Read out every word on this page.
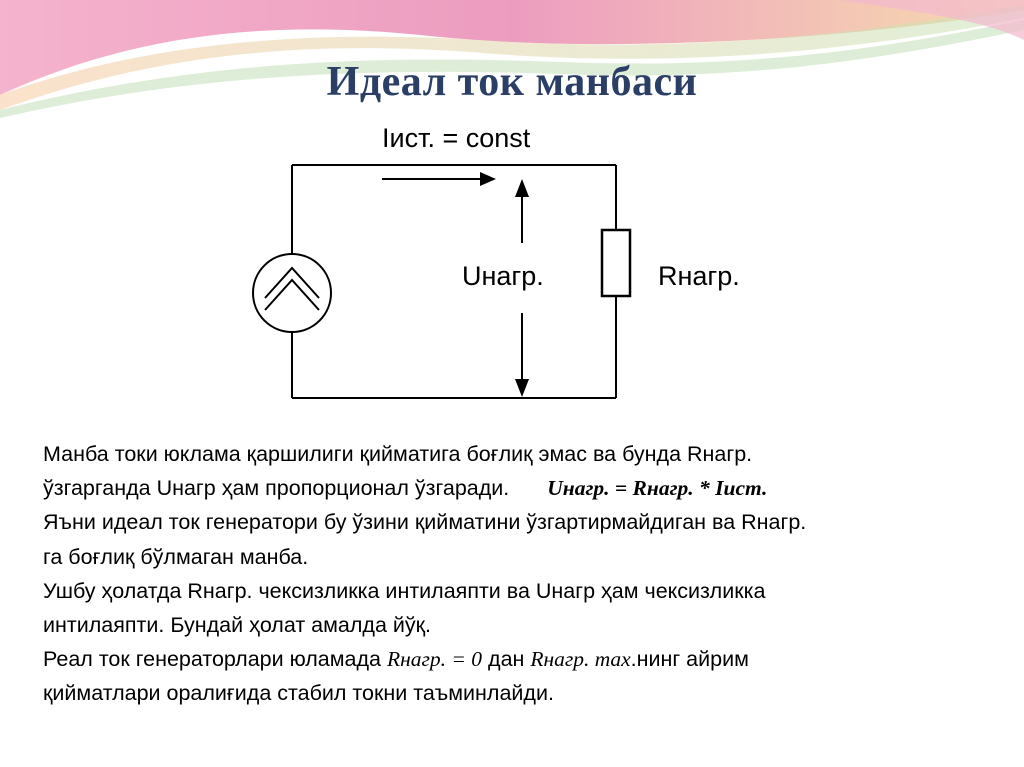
Идеал ток манбаси
Iист. = const
Uнагр.	Rнагр.

Манба токи юклама қаршилиги қийматига боғлиқ эмас ва бунда Rнагр.

ўзгарганда Uнагр ҳам пропорционал ўзгаради. Uнагр. = Rнагр. * Iист.

Яъни идеал ток генератори бу ўзини қийматини ўзгартирмайдиган ва Rнагр.

га боғлиқ бўлмаган манба.

Ушбу ҳолатда Rнагр. чексизликка интилаяпти ва Uнагр ҳам чексизликка

интилаяпти. Бундай ҳолат амалда йўқ.

Реал ток генераторлари юламада Rнагр. = 0 дан Rнагр. max.нинг айрим

қийматлари оралиғида стабил токни таъминлайди.
